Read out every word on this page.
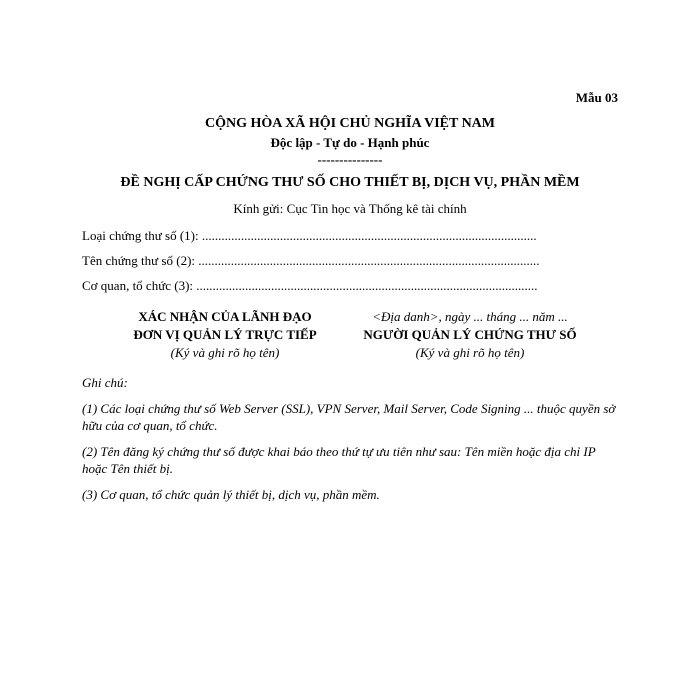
Mẫu 03
CỘNG HÒA XÃ HỘI CHỦ NGHĨA VIỆT NAM
Độc lập - Tự do - Hạnh phúc
---------------
ĐỀ NGHỊ CẤP CHỨNG THƯ SỐ CHO THIẾT BỊ, DỊCH VỤ, PHẦN MỀM
Kính gửi: Cục Tin học và Thống kê tài chính
Loại chứng thư số (1): .......................................................................................................
Tên chứng thư số (2): .........................................................................................................
Cơ quan, tổ chức (3): .........................................................................................................
XÁC NHẬN CỦA LÃNH ĐẠO
ĐƠN VỊ QUẢN LÝ TRỰC TIẾP
(Ký và ghi rõ họ tên)
<Địa danh>, ngày ... tháng ... năm ...
NGƯỜI QUẢN LÝ CHỨNG THƯ SỐ
(Ký và ghi rõ họ tên)
Ghi chú:
(1) Các loại chứng thư số Web Server (SSL), VPN Server, Mail Server, Code Signing ... thuộc quyền sở hữu của cơ quan, tổ chức.
(2) Tên đăng ký chứng thư số được khai báo theo thứ tự ưu tiên như sau: Tên miền hoặc địa chỉ IP hoặc Tên thiết bị.
(3) Cơ quan, tổ chức quản lý thiết bị, dịch vụ, phần mềm.
